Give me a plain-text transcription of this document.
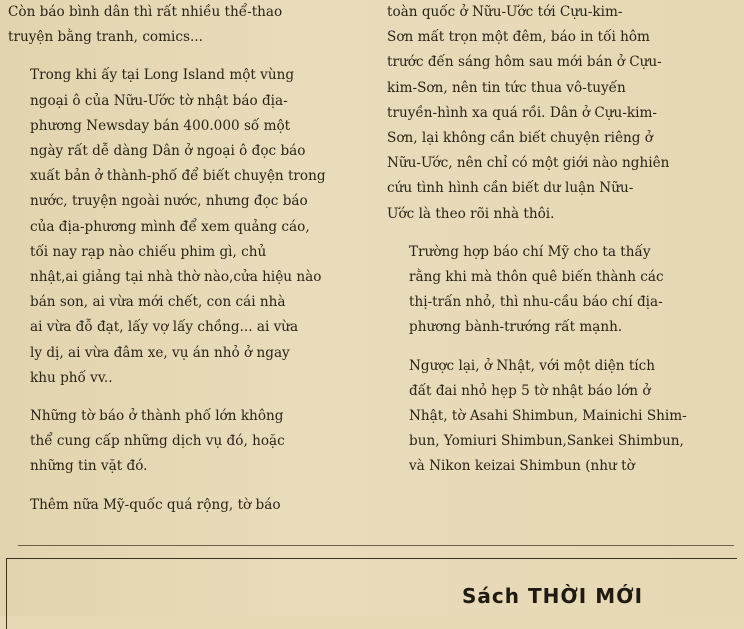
Còn báo bình dân thì rất nhiều thể-thao
truyện bằng tranh, comics...
Trong khi ấy tại Long Island một vùng
ngoại ô của Nữu-Ước tờ nhật báo địa-
phương Newsday bán 400.000 số một
ngày rất dễ dàng Dân ở ngoại ô đọc báo
xuất bản ở thành-phố để biết chuyện trong
nước, truyện ngoài nước, nhưng đọc báo
của địa-phương mình để xem quảng cáo,
tối nay rạp nào chiếu phim gì, chủ
nhật,ai giảng tại nhà thờ nào,cửa hiệu nào
bán son, ai vừa mới chết, con cái nhà
ai vừa đỗ đạt, lấy vợ lấy chồng... ai vừa
ly dị, ai vừa đâm xe, vụ án nhỏ ở ngay
khu phố vv..
Những tờ báo ở thành phố lớn không
thể cung cấp những dịch vụ đó, hoặc
những tin vặt đó.
Thêm nữa Mỹ-quốc quá rộng, tờ báo
toàn quốc ở Nữu-Ước tới Cựu-kim-
Sơn mất trọn một đêm, báo in tối hôm
trước đến sáng hôm sau mới bán ở Cựu-
kim-Sơn, nên tin tức thua vô-tuyến
truyền-hình xa quá rồi. Dân ở Cựu-kim-
Sơn, lại không cần biết chuyện riêng ở
Nữu-Ước, nên chỉ có một giới nào nghiên
cứu tình hình cần biết dư luận Nữu-
Ước là theo rõi nhà thôi.
Trường hợp báo chí Mỹ cho ta thấy
rằng khi mà thôn quê biến thành các
thị-trấn nhỏ, thì nhu-cầu báo chí địa-
phương bành-trướng rất mạnh.
Ngược lại, ở Nhật, với một diện tích
đất đai nhỏ hẹp 5 tờ nhật báo lớn ở
Nhật, tờ Asahi Shimbun, Mainichi Shim-
bun, Yomiuri Shimbun,Sankei Shimbun,
và Nikon keizai Shimbun (như tờ
Sách THỜI MỚI
